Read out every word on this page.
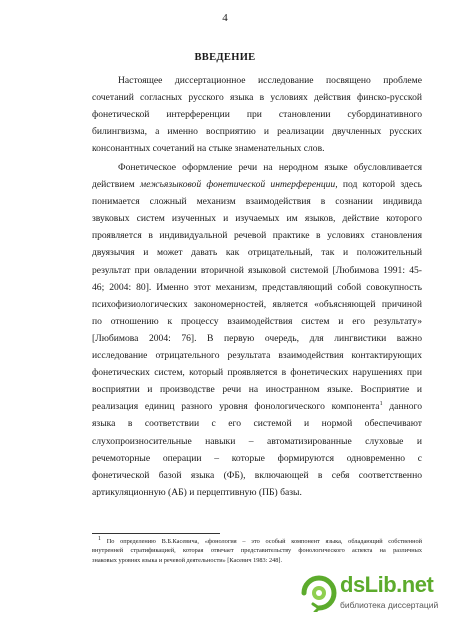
4
ВВЕДЕНИЕ
Настоящее диссертационное исследование посвящено проблеме
сочетаний согласных русского языка в условиях действия финско-русской
фонетической интерференции при становлении субординативного
билингвизма, а именно восприятию и реализации двучленных русских
консонантных сочетаний на стыке знаменательных слов.
Фонетическое оформление речи на неродном языке обусловливается
действием межъязыковой фонетической интерференции, под которой здесь
понимается сложный механизм взаимодействия в сознании индивида
звуковых систем изученных и изучаемых им языков, действие которого
проявляется в индивидуальной речевой практике в условиях становления
двуязычия и может давать как отрицательный, так и положительный
результат при овладении вторичной языковой системой [Любимова 1991: 45-
46; 2004: 80]. Именно этот механизм, представляющий собой совокупность
психофизиологических закономерностей, является «объясняющей причиной
по отношению к процессу взаимодействия систем и его результату»
[Любимова 2004: 76]. В первую очередь, для лингвистики важно
исследование отрицательного результата взаимодействия контактирующих
фонетических систем, который проявляется в фонетических нарушениях при
восприятии и производстве речи на иностранном языке. Восприятие и
реализация единиц разного уровня фонологического компонента$^1$ данного
языка в соответствии с его системой и нормой обеспечивают
слухопроизносительные навыки – автоматизированные слуховые и
речемоторные операции – которые формируются одновременно с
фонетической базой языка (ФБ), включающей в себя соответственно
артикуляционную (АБ) и перцептивную (ПБ) базы.
$^1$ По определению В.Б.Касевича, «фонология – это особый компонент языка, обладающий собственной
внутренней стратификацией, которая отвечает представительству фонологического аспекта на различных
знаковых уровнях языка и речевой деятельности» [Касевич 1983: 248].
dsLib.net
библиотека диссертаций
